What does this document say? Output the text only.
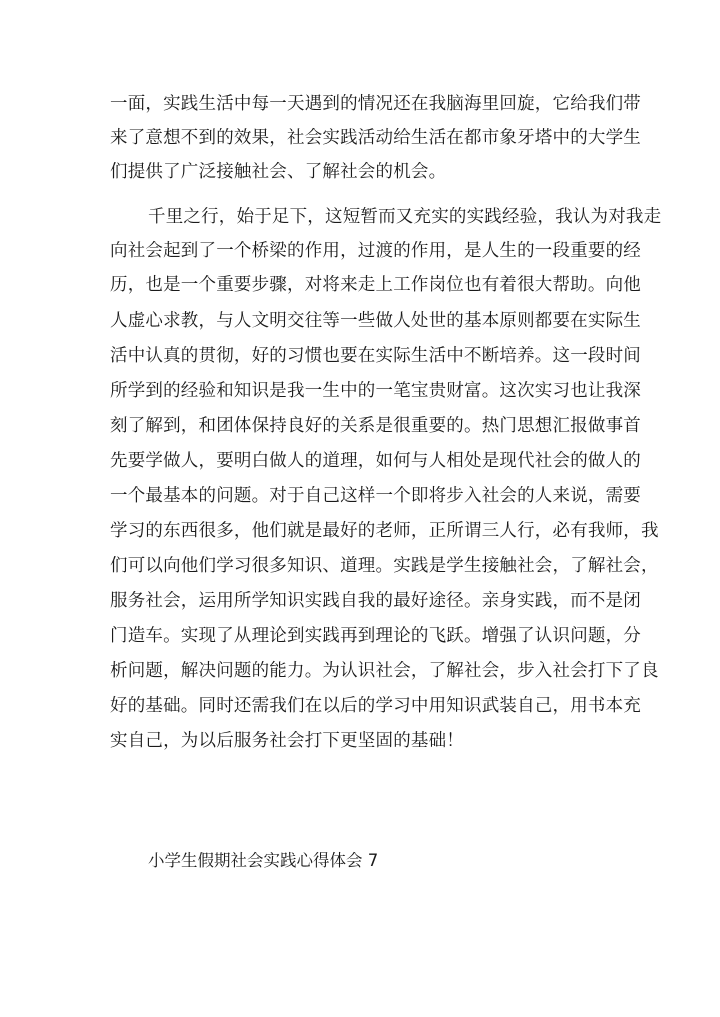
一面，实践生活中每一天遇到的情况还在我脑海里回旋，它给我们带
来了意想不到的效果，社会实践活动给生活在都市象牙塔中的大学生
们提供了广泛接触社会、了解社会的机会。
千里之行，始于足下，这短暂而又充实的实践经验，我认为对我走
向社会起到了一个桥梁的作用，过渡的作用，是人生的一段重要的经
历，也是一个重要步骤，对将来走上工作岗位也有着很大帮助。向他
人虚心求教，与人文明交往等一些做人处世的基本原则都要在实际生
活中认真的贯彻，好的习惯也要在实际生活中不断培养。这一段时间
所学到的经验和知识是我一生中的一笔宝贵财富。这次实习也让我深
刻了解到，和团体保持良好的关系是很重要的。热门思想汇报做事首
先要学做人，要明白做人的道理，如何与人相处是现代社会的做人的
一个最基本的问题。对于自己这样一个即将步入社会的人来说，需要
学习的东西很多，他们就是最好的老师，正所谓三人行，必有我师，我
们可以向他们学习很多知识、道理。实践是学生接触社会，了解社会，
服务社会，运用所学知识实践自我的最好途径。亲身实践，而不是闭
门造车。实现了从理论到实践再到理论的飞跃。增强了认识问题，分
析问题，解决问题的能力。为认识社会，了解社会，步入社会打下了良
好的基础。同时还需我们在以后的学习中用知识武装自己，用书本充
实自己，为以后服务社会打下更坚固的基础！
小学生假期社会实践心得体会 7
